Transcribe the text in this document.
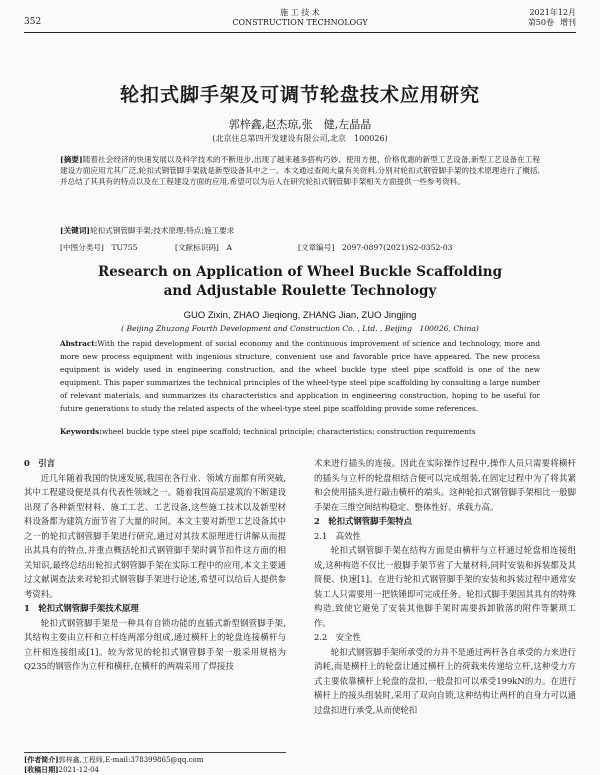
352
施 工 技 术
CONSTRUCTION TECHNOLOGY
2021年12月
第50卷 增刊
轮扣式脚手架及可调节轮盘技术应用研究
郭梓鑫,赵杰琼,张　健,左晶晶
(北京住总第四开发建设有限公司,北京　100026)
[摘要]随着社会经济的快速发展以及科学技术的不断进步,出现了越来越多搭构巧妙、使用方便、价格优惠的新型工艺设备,新型工艺设备在工程建设方面应用尤其广泛,轮扣式钢管脚手架就是新型设备其中之一。本文通过查阅大量有关资料,分别对轮扣式钢管脚手架的技术原理进行了概括,并总结了其具有的特点以及在工程建设方面的应用,希望可以为后人在研究轮扣式钢管脚手架相关方面提供一些参考资料。
[关键词]轮扣式钢管脚手架;技术原理;特点;施工要求
[中图分类号]　TU755	[文献标识码]　A	[文章编号]　2097-0897(2021)S2-0352-03
Research on Application of Wheel Buckle Scaffolding
and Adjustable Roulette Technology
GUO Zixin, ZHAO Jieqiong, ZHANG Jian, ZUO Jingjing
( Beijing Zhuzong Fourth Development and Construction Co. , Ltd. , Beijing　100026, China)
Abstract:With the rapid development of social economy and the continuous improvement of science and technology, more and more new process equipment with ingenious structure, convenient use and favorable price have appeared. The new process equipment is widely used in engineering construction, and the wheel buckle type steel pipe scaffold is one of the new equipment. This paper summarizes the technical principles of the wheel-type steel pipe scaffolding by consulting a large number of relevant materials, and summarizes its characteristics and application in engineering construction, hoping to be useful for future generations to study the related aspects of the wheel-type steel pipe scaffolding provide some references.
Keywords:wheel buckle type steel pipe scaffold; technical principle; characteristics; construction requirements
0　引言

近几年随着我国的快速发展,我国在各行业、领域方面都有所突破,其中工程建设便是具有代表性领域之一。随着我国高层建筑的不断建设出现了各种新型材料、施工工艺、工艺设备,这些施工技术以及新型材料设备都为建筑方面节省了大量的时间。本文主要对新型工艺设备其中之一的轮扣式钢管脚手架进行研究,通过对其技术原理进行讲解从而提出其具有的特点,并重点概括轮扣式钢管脚手架时调节扣件这方面的相关知识,最终总结出轮扣式钢管脚手架在实际工程中的应用,本文主要通过文献调查法来对轮扣式钢管脚手架进行论述,希望可以给后人提供参考资料。

1　轮扣式钢管脚手架技术原理

轮扣式钢管脚手架是一种具有自锁功能的直插式新型钢管脚手架,其结构主要由立杆和立杆连两部分组成,通过横杆上的轮盘连接横杆与立杆相连接组成[1]。较为常见的轮扣式钢管脚手架一般采用规格为Q235的钢管作为立杆和横杆,在横杆的两端采用了焊接技

术来进行插头的连接。因此在实际操作过程中,操作人员只需要将横杆的插头与立杆的轮盘相结合便可以完成组装,在固定过程中为了将其紧和会使用插头进行敲击横杆的端头。这种轮扣式钢管脚手架相比一般脚手架在三维空间结构稳定、整体性好、承载力高。

2　轮扣式钢管脚手架特点
2.1　高效性

轮扣式钢管脚手架在结构方面是由横杆与立杆通过轮盘相连接组成,这种构造不仅比一般脚手架节省了大量材料,同时安装和拆装都及其简便、快速[1]。在进行轮扣式钢管脚手架的安装和拆装过程中通常安装工人只需要用一把铁锤即可完成任务。轮扣式脚手架因其具有的特殊构造,致使它避免了安装其他脚手架时需要拆卸散落的附件等繁琐工作。

2.2　安全性

轮扣式钢管脚手架所承受的力并不是通过两杆各自承受的力来进行消耗,而是横杆上的轮盘让通过横杆上的荷载来传递给立杆,这种受力方式主要依靠横杆上轮盘的盘扣,一般盘扣可以承受199kN的力。在进行横杆上的接头组装时,采用了双向自锁,这种结构让两杆的自身力可以通过盘扣进行承受,从而使轮扣

[作者简介]郭梓鑫,工程师,E-mail:378399865@qq.com
[收稿日期]2021-12-04
